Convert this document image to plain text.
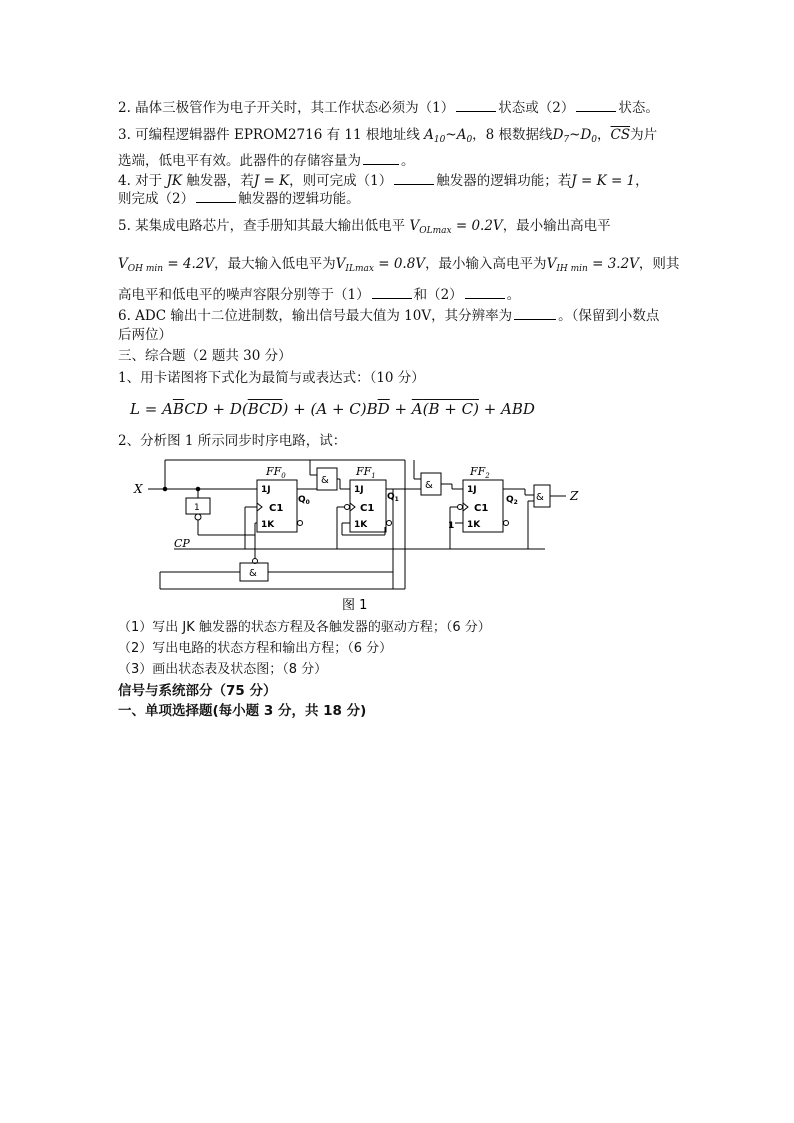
2. 晶体三极管作为电子开关时，其工作状态必须为（1）	状态或（2）	状态。
3. 可编程逻辑器件 EPROM2716 有 11 根地址线 $A_{10}\sim A_0$，8 根数据线$D_7\sim D_0$，$\overline{CS}$为片
选端，低电平有效。此器件的存储容量为	。
4. 对于 JK 触发器，若J = K，则可完成（1）	触发器的逻辑功能；若J = K = 1，
则完成（2）	触发器的逻辑功能。
5. 某集成电路芯片，查手册知其最大输出低电平 $V_{OLmax} = 0.2V$，最小输出高电平
$V_{OH min} = 4.2V$，最大输入低电平为$V_{ILmax} = 0.8V$，最小输入高电平为$V_{IH min} = 3.2V$，则其
高电平和低电平的噪声容限分别等于（1）	和（2）	。
6. ADC 输出十二位进制数，输出信号最大值为 10V，其分辨率为	。（保留到小数点
后两位）
三、综合题（2 题共 30 分）
1、用卡诺图将下式化为最简与或表达式：（10 分）
$L = A\overline{B}CD + D(\overline{BCD}) + (A + C)B\overline{D} + \overline{A}(B + C)$ + ABD
2、分析图 1 所示同步时序电路，试：
X
1
CP
$FF_0$
1J
C1
1K
$Q_0$
&
$FF_1$
1J
C1
1K
$Q_1$
&
$FF_2$
1J
C1
1K
1
$Q_2$ & Z
&
图 1
（1）写出 JK 触发器的状态方程及各触发器的驱动方程；（6 分）
（2）写出电路的状态方程和输出方程；（6 分）
（3）画出状态表及状态图；（8 分）
信号与系统部分（75 分）
一、单项选择题(每小题 3 分，共 18 分)
